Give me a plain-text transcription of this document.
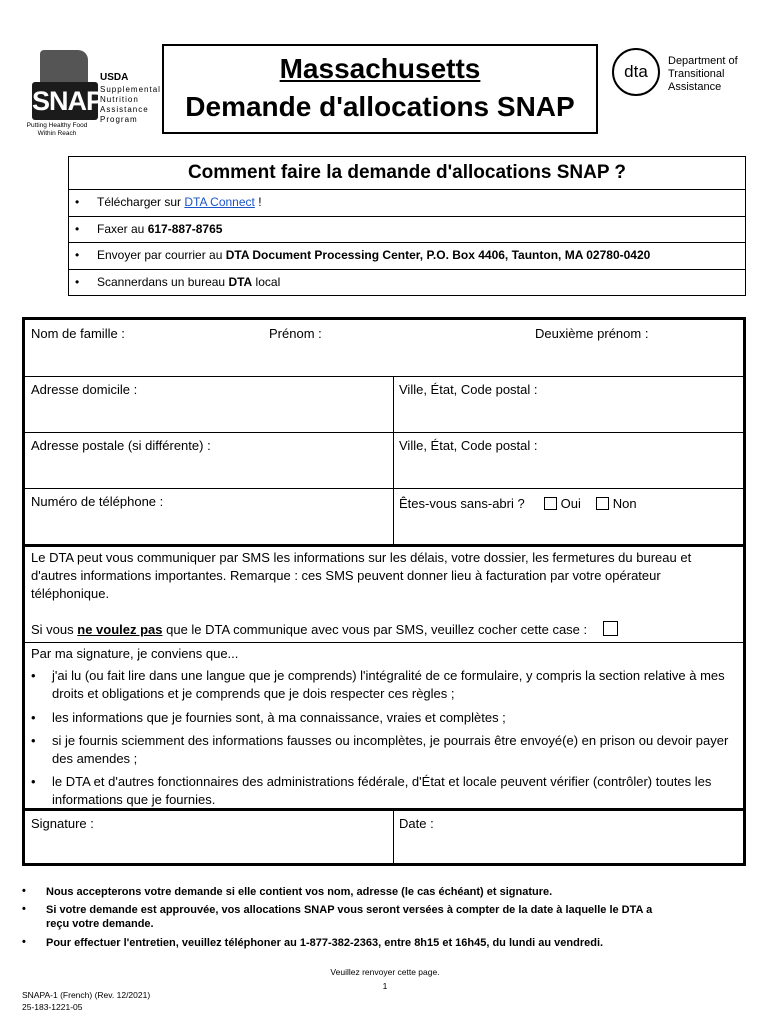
SNAP
USDA
Supplemental
Nutrition
Assistance
Program
Putting Healthy Food
Within Reach
Massachusetts
Demande d'allocations SNAP
dta
Department of
Transitional
Assistance
Comment faire la demande d'allocations SNAP ?
• Télécharger sur DTA Connect !
• Faxer au 617-887-8765
• Envoyer par courrier au DTA Document Processing Center, P.O. Box 4406, Taunton, MA 02780-0420
• Scannerdans un bureau DTA local
Nom de famille :	Prénom :	Deuxième prénom :
Adresse domicile :	Ville, État, Code postal :
Adresse postale (si différente) :	Ville, État, Code postal :
Numéro de téléphone :	Êtes-vous sans-abri ?	Oui Non
Le DTA peut vous communiquer par SMS les informations sur les délais, votre dossier, les fermetures du bureau et d'autres informations importantes. Remarque : ces SMS peuvent donner lieu à facturation par votre opérateur téléphonique.
Si vous ne voulez pas que le DTA communique avec vous par SMS, veuillez cocher cette case :
Par ma signature, je conviens que...
• j'ai lu (ou fait lire dans une langue que je comprends) l'intégralité de ce formulaire, y compris la section relative à mes droits et obligations et je comprends que je dois respecter ces règles ;
• les informations que je fournies sont, à ma connaissance, vraies et complètes ;
• si je fournis sciemment des informations fausses ou incomplètes, je pourrais être envoyé(e) en prison ou devoir payer des amendes ;
• le DTA et d'autres fonctionnaires des administrations fédérale, d'État et locale peuvent vérifier (contrôler) toutes les informations que je fournies.
Signature :	Date :
• Nous accepterons votre demande si elle contient vos nom, adresse (le cas échéant) et signature.
• Si votre demande est approuvée, vos allocations SNAP vous seront versées à compter de la date à laquelle le DTA a reçu votre demande.
• Pour effectuer l'entretien, veuillez téléphoner au 1-877-382-2363, entre 8h15 et 16h45, du lundi au vendredi.
Veuillez renvoyer cette page.
1
SNAPA-1 (French) (Rev. 12/2021)
25-183-1221-05
